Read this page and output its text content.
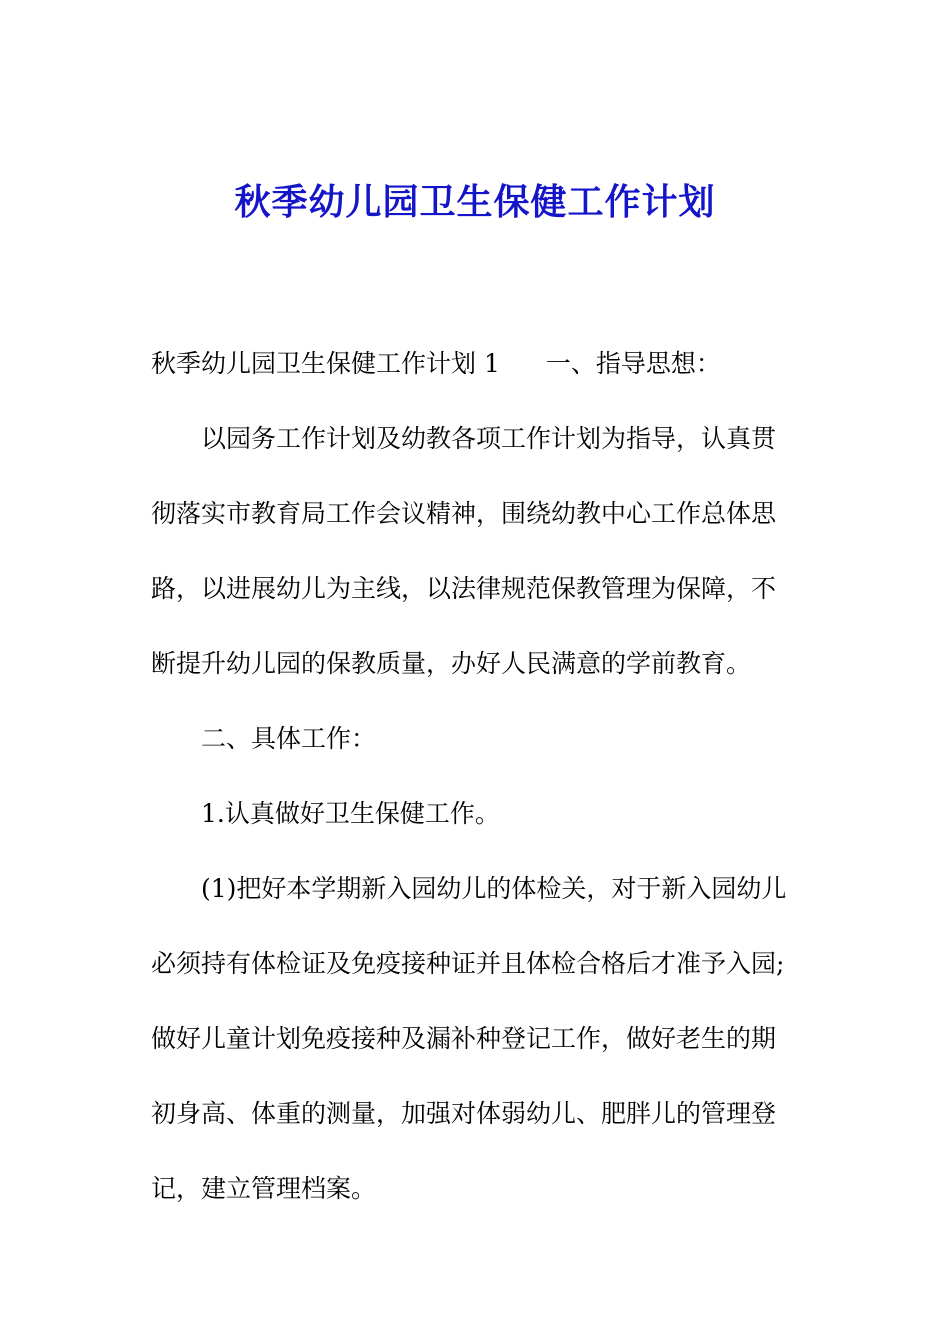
秋季幼儿园卫生保健工作计划
秋季幼儿园卫生保健工作计划 1 一、指导思想：
以园务工作计划及幼教各项工作计划为指导，认真贯
彻落实市教育局工作会议精神，围绕幼教中心工作总体思
路，以进展幼儿为主线，以法律规范保教管理为保障，不
断提升幼儿园的保教质量，办好人民满意的学前教育。
二、具体工作：
1.认真做好卫生保健工作。
(1)把好本学期新入园幼儿的体检关，对于新入园幼儿
必须持有体检证及免疫接种证并且体检合格后才准予入园;
做好儿童计划免疫接种及漏补种登记工作，做好老生的期
初身高、体重的测量，加强对体弱幼儿、肥胖儿的管理登
记，建立管理档案。
